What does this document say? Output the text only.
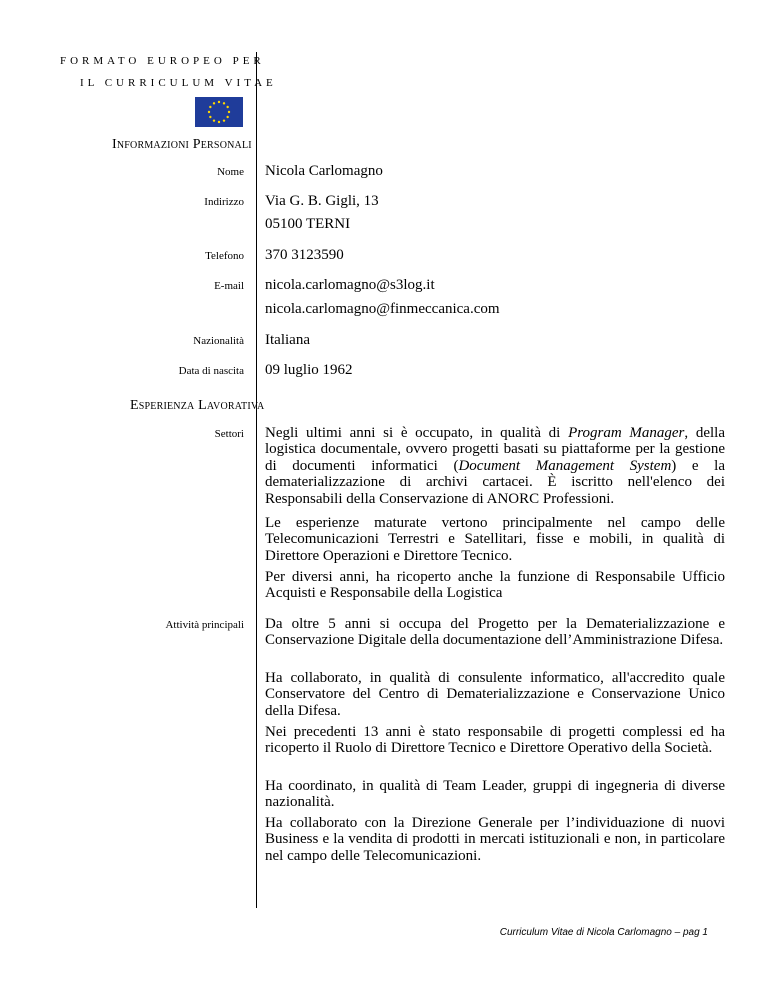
FORMATO EUROPEO PER
IL CURRICULUM VITAE
Informazioni Personali
Nome Nicola Carlomagno
Indirizzo Via G. B. Gigli, 13
05100 TERNI
Telefono 370 3123590
E-mail nicola.carlomagno@s3log.it
nicola.carlomagno@finmeccanica.com
Nazionalità Italiana
Data di nascita 09 luglio 1962
Esperienza Lavorativa
Settori Negli ultimi anni si è occupato, in qualità di Program Manager, della logistica documentale, ovvero progetti basati su piattaforme per la gestione di documenti informatici (Document Management System) e la dematerializzazione di archivi cartacei. È iscritto nell'elenco dei Responsabili della Conservazione di ANORC Professioni.
Le esperienze maturate vertono principalmente nel campo delle Telecomunicazioni Terrestri e Satellitari, fisse e mobili, in qualità di Direttore Operazioni e Direttore Tecnico.
Per diversi anni, ha ricoperto anche la funzione di Responsabile Ufficio Acquisti e Responsabile della Logistica
Attività principali Da oltre 5 anni si occupa del Progetto per la Dematerializzazione e Conservazione Digitale della documentazione dell’Amministrazione Difesa.
Ha collaborato, in qualità di consulente informatico, all'accredito quale Conservatore del Centro di Dematerializzazione e Conservazione Unico della Difesa.
Nei precedenti 13 anni è stato responsabile di progetti complessi ed ha ricoperto il Ruolo di Direttore Tecnico e Direttore Operativo della Società.
Ha coordinato, in qualità di Team Leader, gruppi di ingegneria di diverse nazionalità.
Ha collaborato con la Direzione Generale per l’individuazione di nuovi Business e la vendita di prodotti in mercati istituzionali e non, in particolare nel campo delle Telecomunicazioni.
Curriculum Vitae di Nicola Carlomagno – pag 1
